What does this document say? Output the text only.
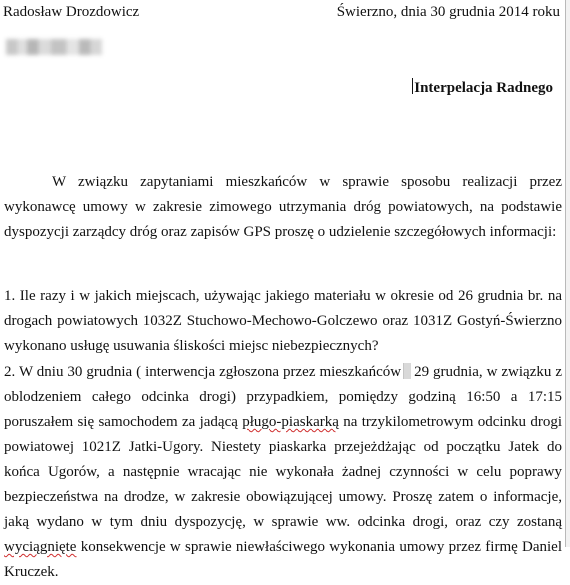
Radosław Drozdowicz	Świerzno, dnia 30 grudnia 2014 roku
Interpelacja Radnego

W związku zapytaniami mieszkańców w sprawie sposobu realizacji przez wykonawcę umowy w zakresie zimowego utrzymania dróg powiatowych, na podstawie dyspozycji zarządcy dróg oraz zapisów GPS proszę o udzielenie szczegółowych informacji:

1. Ile razy i w jakich miejscach, używając jakiego materiału w okresie od 26 grudnia br. na drogach powiatowych 1032Z Stuchowo-Mechowo-Golczewo oraz 1031Z Gostyń-Świerzno wykonano usługę usuwania śliskości miejsc niebezpiecznych?

2. W dniu 30 grudnia ( interwencja zgłoszona przez mieszkańców 29 grudnia, w związku z oblodzeniem całego odcinka drogi) przypadkiem, pomiędzy godziną 16:50 a 17:15 poruszałem się samochodem za jadącą pługo-piaskarką na trzykilometrowym odcinku drogi powiatowej 1021Z Jatki-Ugory. Niestety piaskarka przejeżdżając od początku Jatek do końca Ugorów, a następnie wracając nie wykonała żadnej czynności w celu poprawy bezpieczeństwa na drodze, w zakresie obowiązującej umowy. Proszę zatem o informacje, jaką wydano w tym dniu dyspozycję, w sprawie ww. odcinka drogi, oraz czy zostaną wyciągnięte konsekwencje w sprawie niewłaściwego wykonania umowy przez firmę Daniel Kruczek.
